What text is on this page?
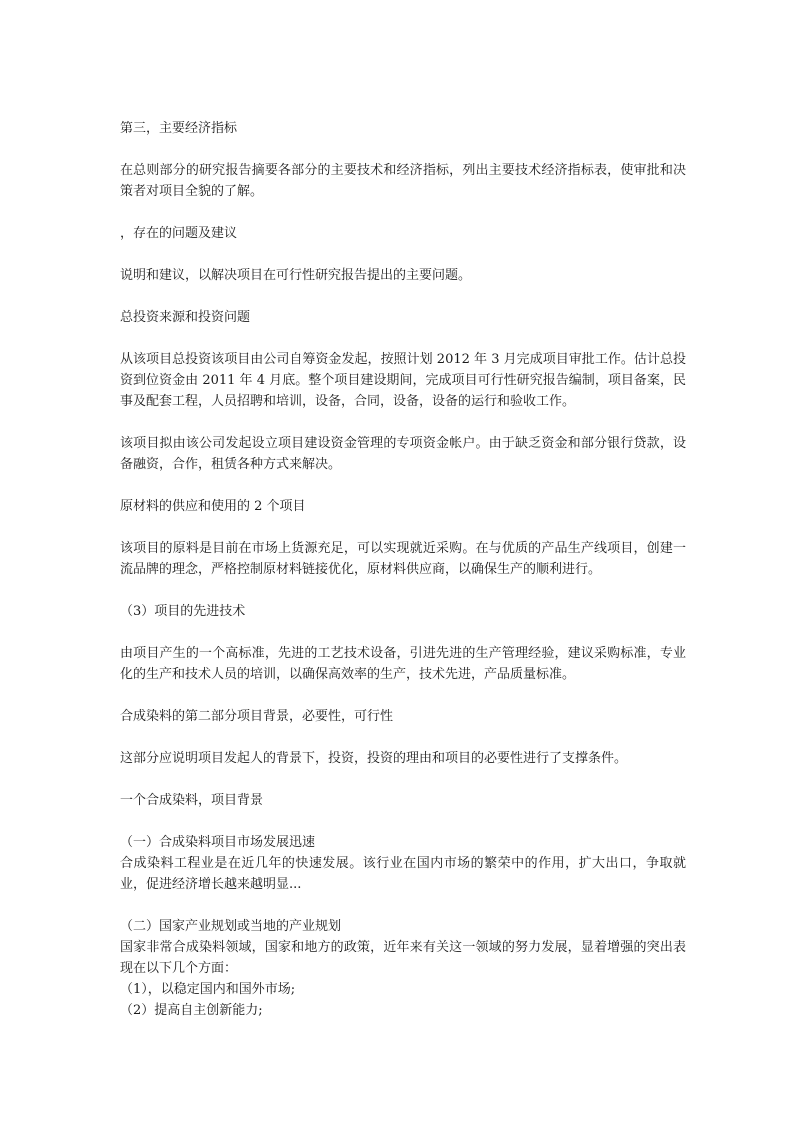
第三，主要经济指标

在总则部分的研究报告摘要各部分的主要技术和经济指标，列出主要技术经济指标表，使审批和决策者对项目全貌的了解。

，存在的问题及建议

说明和建议，以解决项目在可行性研究报告提出的主要问题。

总投资来源和投资问题

从该项目总投资该项目由公司自筹资金发起，按照计划 2012 年 3 月完成项目审批工作。估计总投资到位资金由 2011 年 4 月底。整个项目建设期间，完成项目可行性研究报告编制，项目备案，民事及配套工程，人员招聘和培训，设备，合同，设备，设备的运行和验收工作。

该项目拟由该公司发起设立项目建设资金管理的专项资金帐户。由于缺乏资金和部分银行贷款，设备融资，合作，租赁各种方式来解决。

原材料的供应和使用的 2 个项目

该项目的原料是目前在市场上货源充足，可以实现就近采购。在与优质的产品生产线项目，创建一流品牌的理念，严格控制原材料链接优化，原材料供应商，以确保生产的顺利进行。

（3）项目的先进技术

由项目产生的一个高标准，先进的工艺技术设备，引进先进的生产管理经验，建议采购标准，专业化的生产和技术人员的培训，以确保高效率的生产，技术先进，产品质量标准。

合成染料的第二部分项目背景，必要性，可行性

这部分应说明项目发起人的背景下，投资，投资的理由和项目的必要性进行了支撑条件。

一个合成染料，项目背景

（一）合成染料项目市场发展迅速

合成染料工程业是在近几年的快速发展。该行业在国内市场的繁荣中的作用，扩大出口，争取就业，促进经济增长越来越明显...

（二）国家产业规划或当地的产业规划

国家非常合成染料领域，国家和地方的政策，近年来有关这一领域的努力发展，显着增强的突出表现在以下几个方面：

（1），以稳定国内和国外市场;

（2）提高自主创新能力;
